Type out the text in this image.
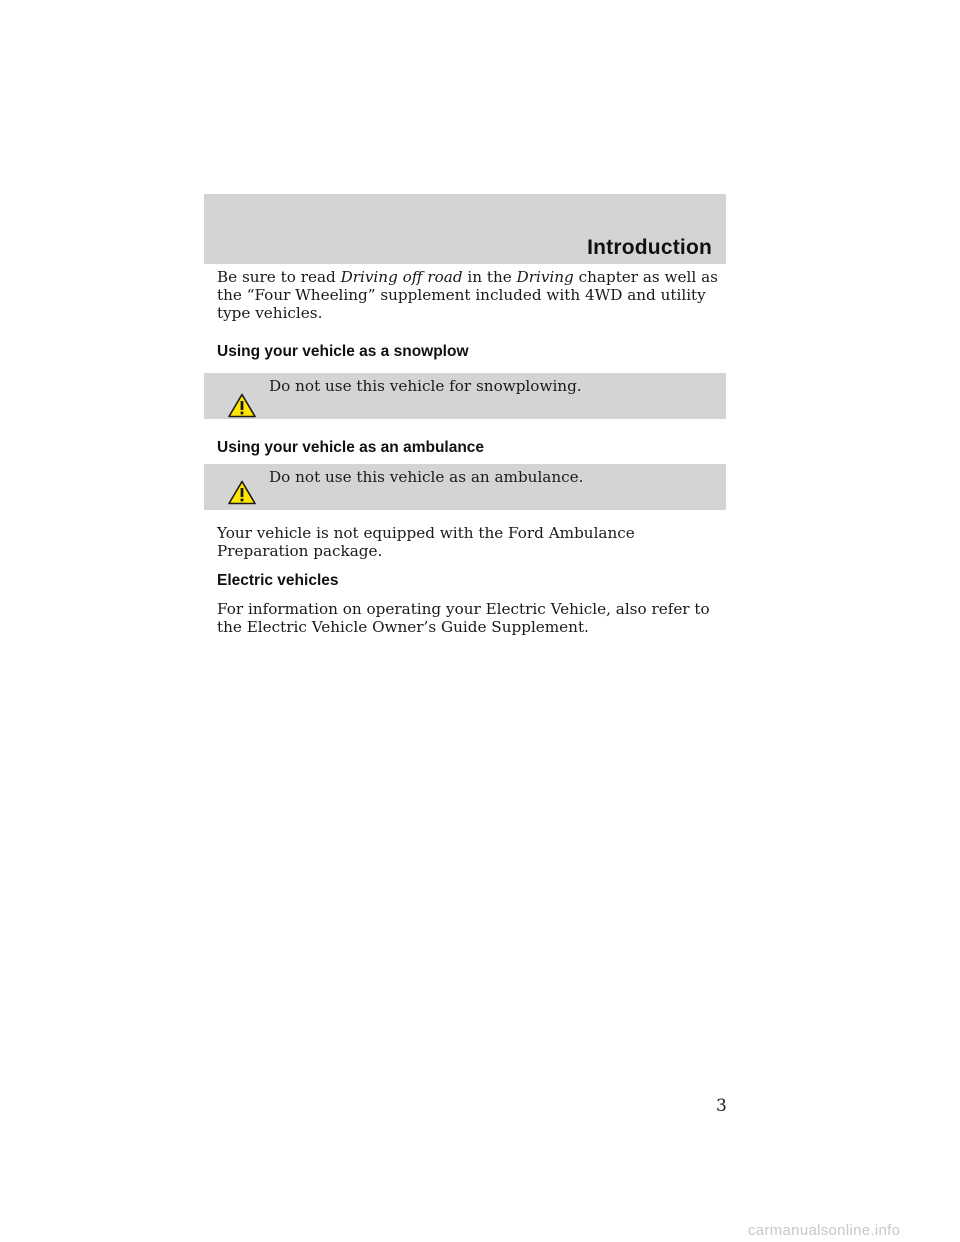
Introduction

Be sure to read Driving off road in the Driving chapter as well as the “Four Wheeling” supplement included with 4WD and utility type vehicles.

Using your vehicle as a snowplow
Do not use this vehicle for snowplowing.
Using your vehicle as an ambulance
Do not use this vehicle as an ambulance.

Your vehicle is not equipped with the Ford Ambulance Preparation package.

Electric vehicles

For information on operating your Electric Vehicle, also refer to the Electric Vehicle Owner’s Guide Supplement.

3
carmanualsonline.info
